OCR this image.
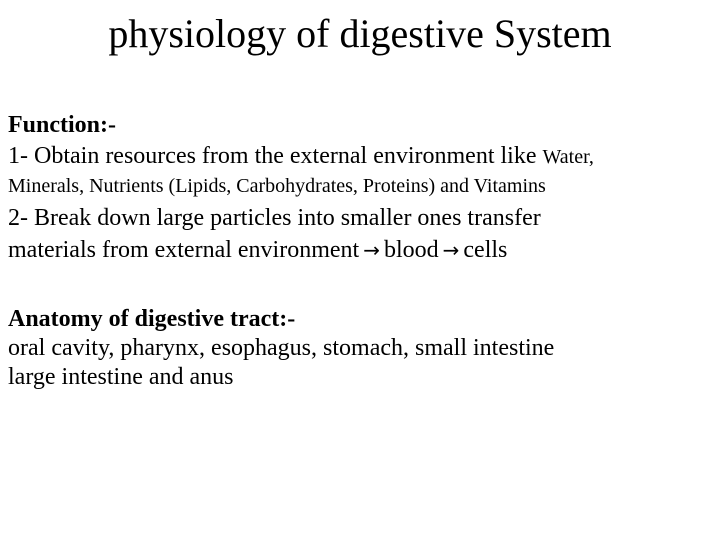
physiology of digestive System
Function:-
1- Obtain resources from the external environment like Water,
Minerals, Nutrients (Lipids, Carbohydrates, Proteins) and Vitamins
2- Break down large particles into smaller ones transfer
materials from external environment → blood → cells
Anatomy of digestive tract:-
oral cavity, pharynx, esophagus, stomach, small intestine
large intestine and anus
